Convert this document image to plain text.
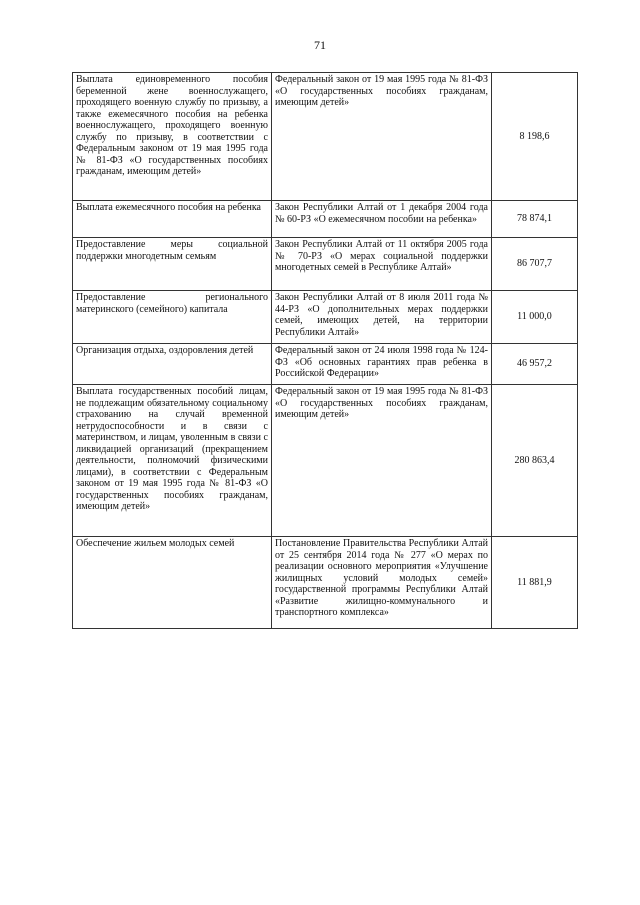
71
Выплата единовременного пособия беременной жене военнослужащего, проходящего военную службу по призыву, а также ежемесячного пособия на ребенка военнослужащего, проходящего военную службу по призыву, в соответствии с Федеральным законом от 19 мая 1995 года № 81-ФЗ «О государственных пособиях гражданам, имеющим детей»	Федеральный закон от 19 мая 1995 года № 81-ФЗ «О государственных пособиях гражданам, имеющим детей»	8 198,6
Выплата ежемесячного пособия на ребенка	Закон Республики Алтай от 1 декабря 2004 года № 60-РЗ «О ежемесячном пособии на ребенка»	78 874,1
Предоставление меры социальной поддержки многодетным семьям	Закон Республики Алтай от 11 октября 2005 года № 70-РЗ «О мерах социальной поддержки многодетных семей в Республике Алтай»	86 707,7
Предоставление регионального материнского (семейного) капитала	Закон Республики Алтай от 8 июля 2011 года № 44-РЗ «О дополнительных мерах поддержки семей, имеющих детей, на территории Республики Алтай»	11 000,0
Организация отдыха, оздоровления детей	Федеральный закон от 24 июля 1998 года № 124-ФЗ «Об основных гарантиях прав ребенка в Российской Федерации»	46 957,2
Выплата государственных пособий лицам, не подлежащим обязательному социальному страхованию на случай временной нетрудоспособности и в связи с материнством, и лицам, уволенным в связи с ликвидацией организаций (прекращением деятельности, полномочий физическими лицами), в соответствии с Федеральным законом от 19 мая 1995 года № 81-ФЗ «О государственных пособиях гражданам, имеющим детей»	Федеральный закон от 19 мая 1995 года № 81-ФЗ «О государственных пособиях гражданам, имеющим детей»	280 863,4
Обеспечение жильем молодых семей	Постановление Правительства Республики Алтай от 25 сентября 2014 года № 277 «О мерах по реализации основного мероприятия «Улучшение жилищных условий молодых семей» государственной программы Республики Алтай «Развитие жилищно-коммунального и транспортного комплекса»	11 881,9
